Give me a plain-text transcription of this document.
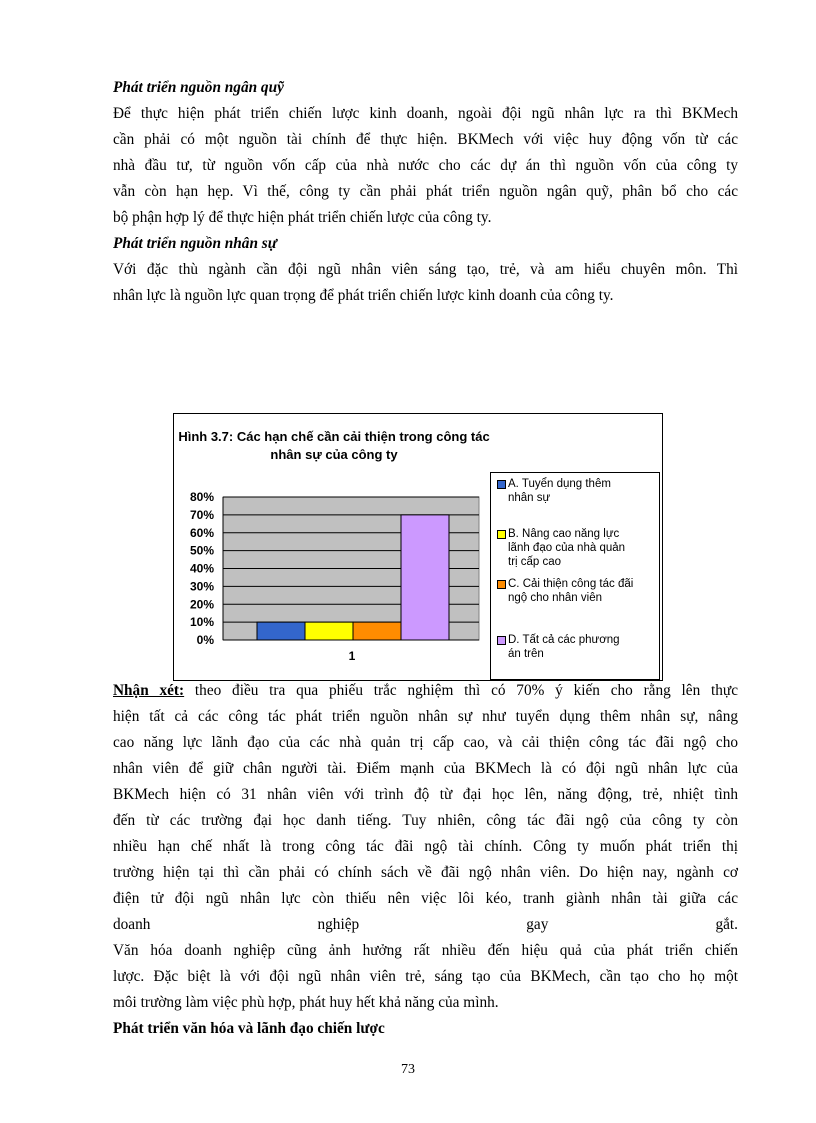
Phát triển nguồn ngân quỹ
Để thực hiện phát triển chiến lược kinh doanh, ngoài đội ngũ nhân lực ra thì BKMech
cần phải có một nguồn tài chính để thực hiện. BKMech với việc huy động vốn từ các
nhà đầu tư, từ nguồn vốn cấp của nhà nước cho các dự án thì nguồn vốn của công ty
vẫn còn hạn hẹp. Vì thế, công ty cần phải phát triển nguồn ngân quỹ, phân bổ cho các
bộ phận hợp lý để thực hiện phát triển chiến lược của công ty.
Phát triển nguồn nhân sự
Với đặc thù ngành cần đội ngũ nhân viên sáng tạo, trẻ, và am hiểu chuyên môn. Thì
nhân lực là nguồn lực quan trọng để phát triển chiến lược kinh doanh của công ty.
Hình 3.7: Các hạn chế cần cải thiện trong công tác
nhân sự của công ty
80%
70%
60%
50%
40%
30%
20%
10%
0%
1
A. Tuyển dụng thêm
nhân sự
B. Nâng cao năng lực
lãnh đạo của nhà quản
trị cấp cao
C. Cải thiện công tác đãi
ngộ cho nhân viên
D. Tất cả các phương
án trên
Nhận xét: theo điều tra qua phiếu trắc nghiệm thì có 70% ý kiến cho rằng lên thực
hiện tất cả các công tác phát triển nguồn nhân sự như tuyển dụng thêm nhân sự, nâng
cao năng lực lãnh đạo của các nhà quản trị cấp cao, và cải thiện công tác đãi ngộ cho
nhân viên để giữ chân người tài. Điểm mạnh của BKMech là có đội ngũ nhân lực của
BKMech hiện có 31 nhân viên với trình độ từ đại học lên, năng động, trẻ, nhiệt tình
đến từ các trường đại học danh tiếng. Tuy nhiên, công tác đãi ngộ của công ty còn
nhiều hạn chế nhất là trong công tác đãi ngộ tài chính. Công ty muốn phát triển thị
trường hiện tại thì cần phải có chính sách về đãi ngộ nhân viên. Do hiện nay, ngành cơ
điện tử đội ngũ nhân lực còn thiếu nên việc lôi kéo, tranh giành nhân tài giữa các
doanh nghiệp gay gắt.
Văn hóa doanh nghiệp cũng ảnh hưởng rất nhiều đến hiệu quả của phát triển chiến
lược. Đặc biệt là với đội ngũ nhân viên trẻ, sáng tạo của BKMech, cần tạo cho họ một
môi trường làm việc phù hợp, phát huy hết khả năng của mình.
Phát triển văn hóa và lãnh đạo chiến lược
73
